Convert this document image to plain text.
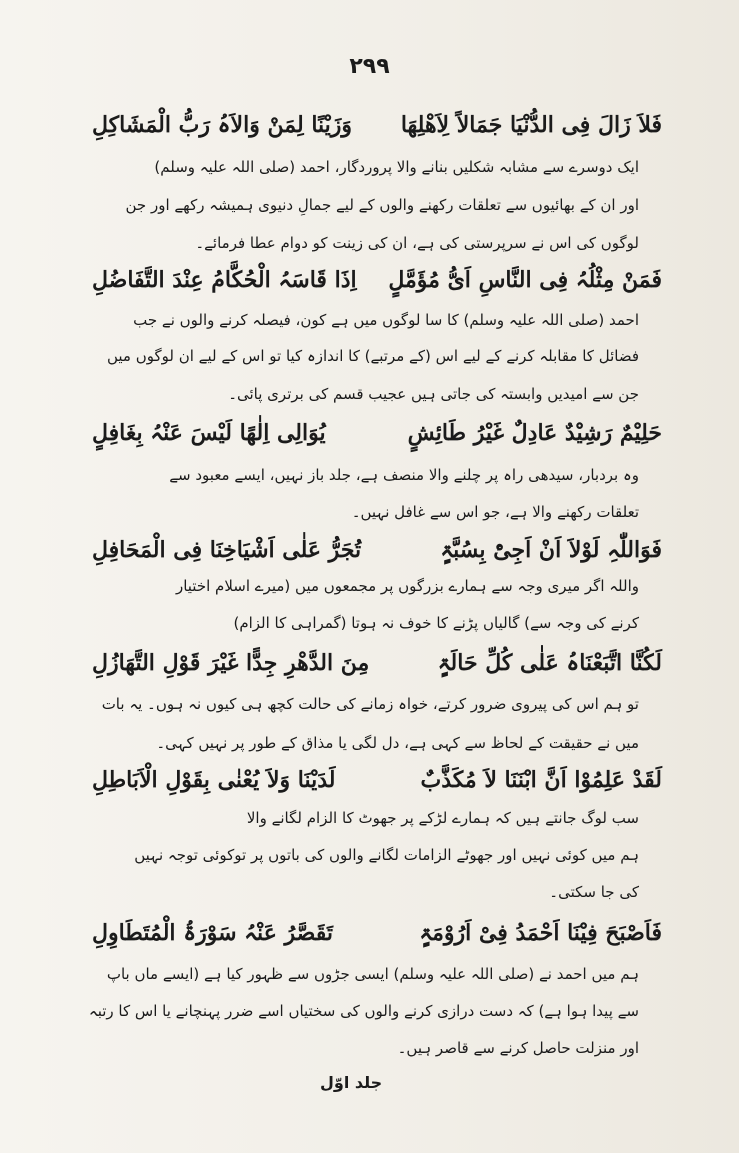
۲۹۹
فَلاَ زَالَ فِی الدُّنْیَا جَمَالاً لِاَھْلِھَا
وَزَیْنًا لِمَنْ وَالاَہُ رَبُّ الْمَشَاکِلِ
ایک دوسرے سے مشابہ شکلیں بنانے والا پروردگار، احمد (صلی اللہ علیہ وسلم)
اور ان کے بھائیوں سے تعلقات رکھنے والوں کے لیے جمالِ دنیوی ہمیشہ رکھے اور جن
لوگوں کی اس نے سرپرستی کی ہے، ان کی زینت کو دوام عطا فرمائے۔
فَمَنْ مِثْلُہُ فِی النَّاسِ اَیُّ مُؤَمَّلٍ
اِذَا قَاسَہُ الْحُکَّامُ عِنْدَ التَّفَاضُلِ
احمد (صلی اللہ علیہ وسلم) کا سا لوگوں میں ہے کون، فیصلہ کرنے والوں نے جب
فضائل کا مقابلہ کرنے کے لیے اس (کے مرتبے) کا اندازہ کیا تو اس کے لیے ان لوگوں میں
جن سے امیدیں وابستہ کی جاتی ہیں عجیب قسم کی برتری پائی۔
حَلِیْمٌ رَشِیْدٌ عَادِلٌ غَیْرُ طَائِشٍ
یُوَالِی اِلٰھًا لَیْسَ عَنْہُ بِغَافِلٍ
وہ بردبار، سیدھی راہ پر چلنے والا منصف ہے، جلد باز نہیں، ایسے معبود سے
تعلقات رکھنے والا ہے، جو اس سے غافل نہیں۔
فَوَاللّٰہِ لَوْلاَ اَنْ اَجِیْٔ بِسُبَّۃٍ
تُجَرُّ عَلٰی اَشْیَاخِنَا فِی الْمَحَافِلِ
واللہ اگر میری وجہ سے ہمارے بزرگوں پر مجمعوں میں (میرے اسلام اختیار
کرنے کی وجہ سے) گالیاں پڑنے کا خوف نہ ہوتا (گمراہی کا الزام)
لَکُنَّا اتَّبَعْنَاہُ عَلٰی کُلِّ حَالَۃٍ
مِنَ الدَّھْرِ جِدًّا غَیْرَ قَوْلِ التَّھَازُلِ
تو ہم اس کی پیروی ضرور کرتے، خواہ زمانے کی حالت کچھ ہی کیوں نہ ہوں۔ یہ بات
میں نے حقیقت کے لحاظ سے کہی ہے، دل لگی یا مذاق کے طور پر نہیں کہی۔
لَقَدْ عَلِمُوْا اَنَّ ابْنَنَا لاَ مُکَذَّبٌ
لَدَیْنَا وَلاَ یُعْنٰی بِقَوْلِ الْاَبَاطِلِ
سب لوگ جانتے ہیں کہ ہمارے لڑکے پر جھوٹ کا الزام لگانے والا
ہم میں کوئی نہیں اور جھوٹے الزامات لگانے والوں کی باتوں پر توکوئی توجہ نہیں
کی جا سکتی۔
فَاَصْبَحَ فِیْنَا اَحْمَدُ فِیْ اَرُوْمَۃٍ
تَقَصَّرُ عَنْہُ سَوْرَۃُ الْمُتَطَاوِلِ
ہم میں احمد نے (صلی اللہ علیہ وسلم) ایسی جڑوں سے ظہور کیا ہے (ایسے ماں باپ
سے پیدا ہوا ہے) کہ دست درازی کرنے والوں کی سختیاں اسے ضرر پہنچانے یا اس کا رتبہ
اور منزلت حاصل کرنے سے قاصر ہیں۔
جلد اوّل
